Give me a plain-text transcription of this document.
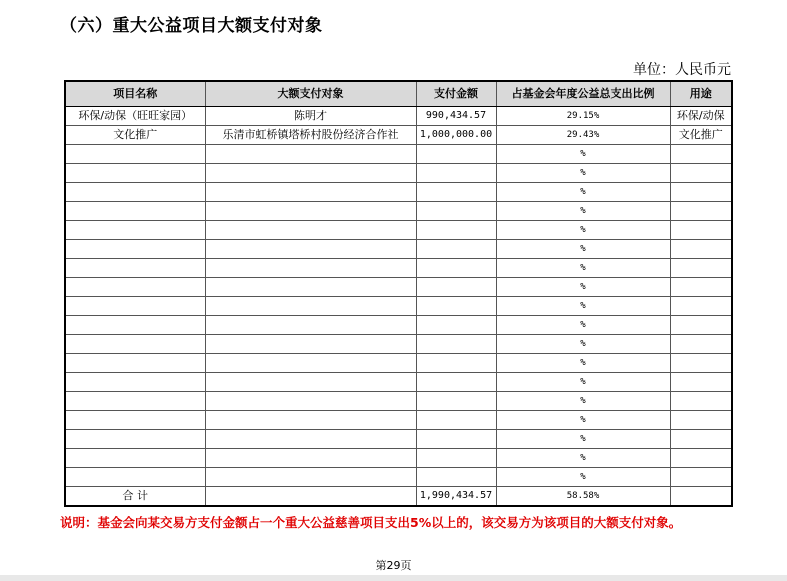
（六）重大公益项目大额支付对象
单位：人民币元
项目名称	大额支付对象	支付金额	占基金会年度公益总支出比例	用途
环保/动保（旺旺家园）	陈明才	990,434.57	29.15%	环保/动保
文化推广	乐清市虹桥镇塔桥村股份经济合作社	1,000,000.00	29.43%	文化推广
			%	
			%	
			%	
			%	
			%	
			%	
			%	
			%	
			%	
			%	
			%	
			%	
			%	
			%	
			%	
			%	
			%	
			%	
合 计		1,990,434.57	58.58%	
说明：基金会向某交易方支付金额占一个重大公益慈善项目支出5%以上的，该交易方为该项目的大额支付对象。
第29页
